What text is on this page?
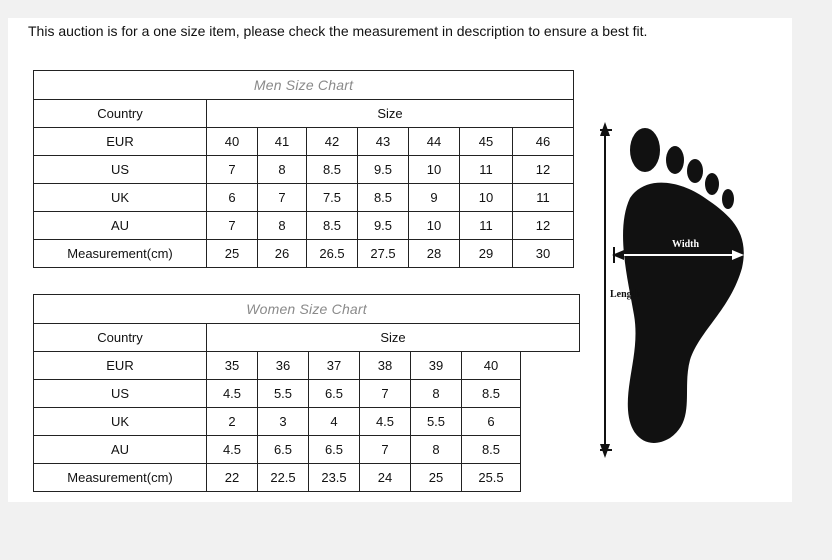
This auction is for a one size item, please check the measurement in description to ensure a best fit.
Men Size Chart							
Country	Size						
EUR	40	41	42	43	44	45	46
US	7	8	8.5	9.5	10	11	12
UK	6	7	7.5	8.5	9	10	11
AU	7	8	8.5	9.5	10	11	12
Measurement(cm)	25	26	26.5	27.5	28	29	30
Women Size Chart							
Country	Size						
EUR	35	36	37	38	39	40	
US	4.5	5.5	6.5	7	8	8.5	
UK	2	3	4	4.5	5.5	6	
AU	4.5	6.5	6.5	7	8	8.5	
Measurement(cm)	22	22.5	23.5	24	25	25.5	
Width
Length
